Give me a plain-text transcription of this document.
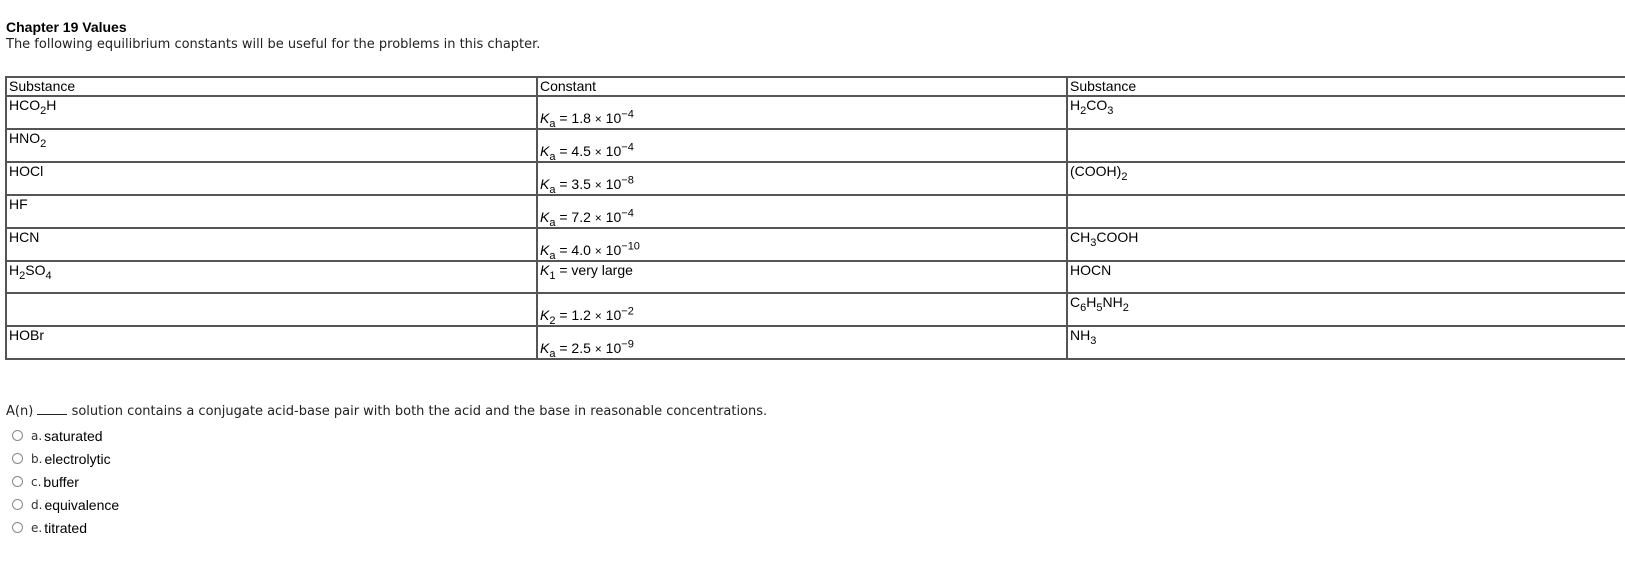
Chapter 19 Values
The following equilibrium constants will be useful for the problems in this chapter.
Substance	Constant	Substance
$HCO_2H$	$K_a = 1.8 \times 10^{-4}$	$H_2CO_3$
$HNO_2$	$K_a = 4.5 \times 10^{-4}$	
HOCl	$K_a = 3.5 \times 10^{-8}$	$(COOH)_2$
HF	$K_a = 7.2 \times 10^{-4}$	
HCN	$K_a = 4.0 \times 10^{-10}$	$CH_3COOH$
$H_2SO_4$	$K_1$ = very large	HOCN
	$K_2 = 1.2 \times 10^{-2}$	$C_6H_5NH_2$
HOBr	$K_a = 2.5 \times 10^{-9}$	$NH_3$
A(n)	solution contains a conjugate acid-base pair with both the acid and the base in reasonable concentrations.
a. saturated
b. electrolytic
c. buffer
d. equivalence
e. titrated
